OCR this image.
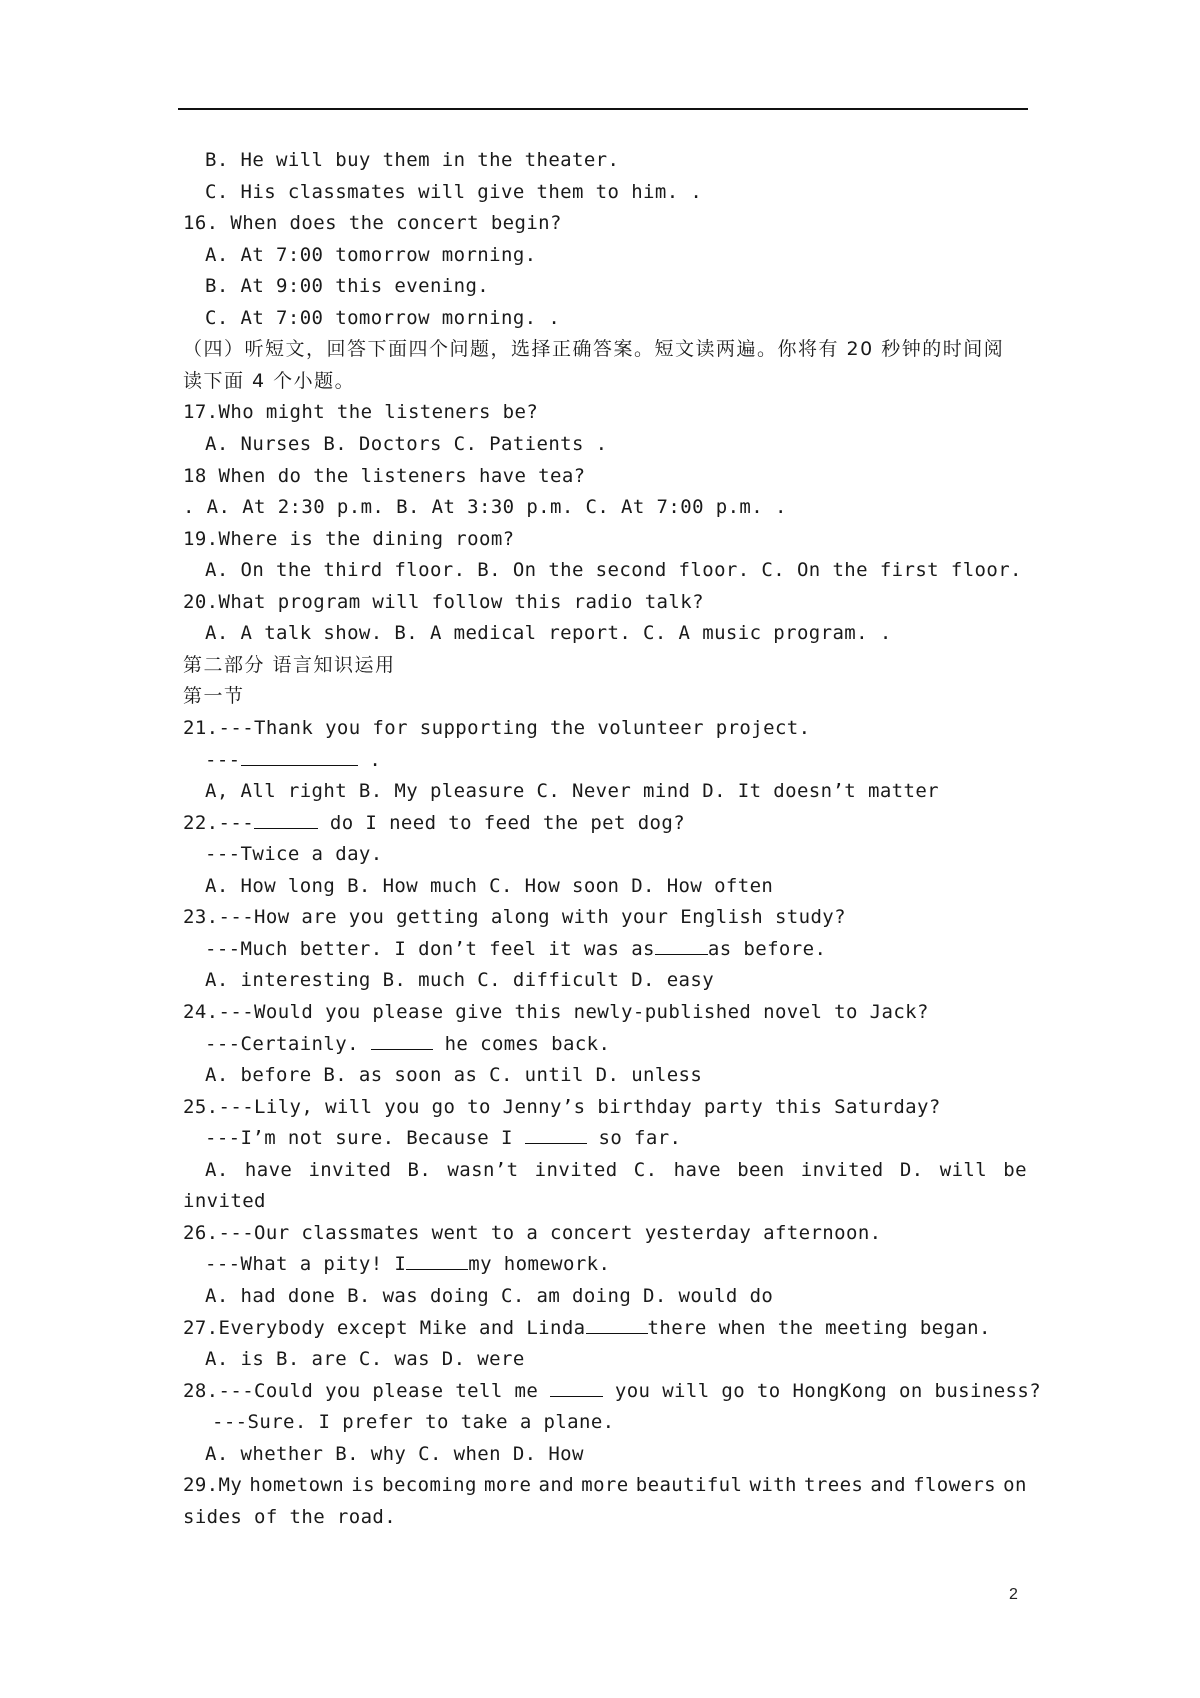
B. He will buy them in the theater.
C. His classmates will give them to him. .
16. When does the concert begin?
A. At 7:00 tomorrow morning.
B. At 9:00 this evening.
C. At 7:00 tomorrow morning. .
（四）听短文，回答下面四个问题，选择正确答案。短文读两遍。你将有 20 秒钟的时间阅
读下面 4 个小题。
17.Who might the listeners be?
A. Nurses B. Doctors C. Patients .
18 When do the listeners have tea?
. A. At 2:30 p.m. B. At 3:30 p.m. C. At 7:00 p.m. .
19.Where is the dining room?
A. On the third floor. B. On the second floor. C. On the first floor.
20.What program will follow this radio talk?
A. A talk show. B. A medical report. C. A music program. .
第二部分 语言知识运用
第一节
21.---Thank you for supporting the volunteer project.
---	.
A, All right B. My pleasure C. Never mind D. It doesn’t matter
22.---	do I need to feed the pet dog?
---Twice a day.
A. How long B. How much C. How soon D. How often
23.---How are you getting along with your English study?
---Much better. I don’t feel it was as	as before.
A. interesting B. much C. difficult D. easy
24.---Would you please give this newly-published novel to Jack?
---Certainly.	he comes back.
A. before B. as soon as C. until D. unless
25.---Lily, will you go to Jenny’s birthday party this Saturday?
---I’m not sure. Because I	so far.
A. have invited B. wasn’t invited C. have been invited D. will be
invited
26.---Our classmates went to a concert yesterday afternoon.
---What a pity! I	my homework.
A. had done B. was doing C. am doing D. would do
27.Everybody except Mike and Linda	there when the meeting began.
A. is B. are C. was D. were
28.---Could you please tell me	you will go to HongKong on business?
---Sure. I prefer to take a plane.
A. whether B. why C. when D. How
29.My hometown is becoming more and more beautiful with trees and flowers on
sides of the road.
2
